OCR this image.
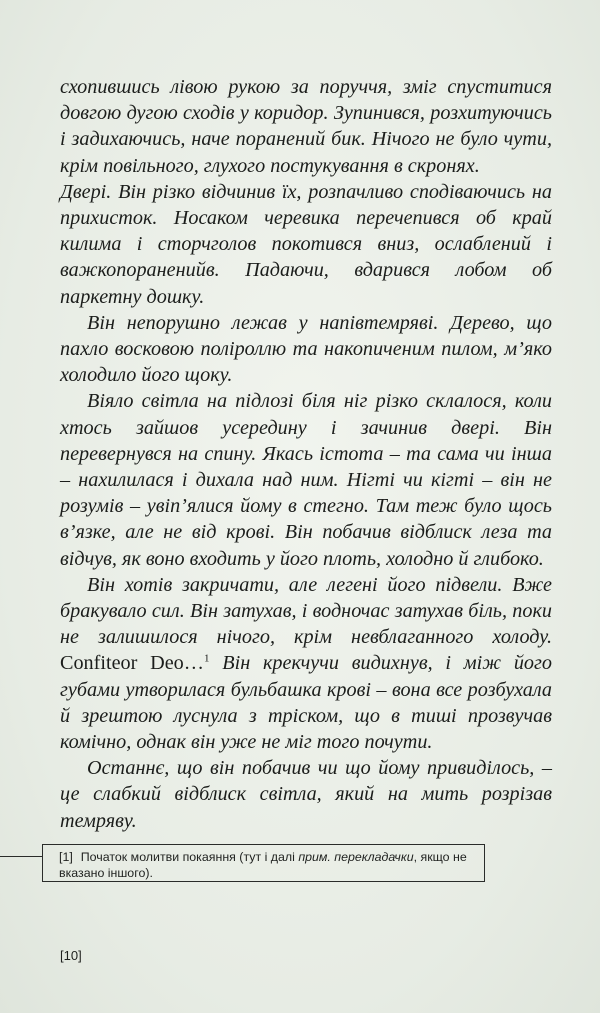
схопившись лівою рукою за поруччя, зміг спуститися довгою дугою сходів у коридор. Зупинився, розхитуючись і задихаючись, наче поранений бик. Нічого не було чути, крім повільного, глухого постукування в скронях.

Двері. Він різко відчинив їх, розпачливо сподіваючись на прихисток. Носаком черевика перечепився об край килима і сторчголов покотився вниз, ослаблений і важкопораненийв. Падаючи, вдарився лобом об паркетну дошку.

Він непорушно лежав у напівтемряві. Дерево, що пахло восковою поліроллю та накопиченим пилом, м’яко холодило його щоку.

Віяло світла на підлозі біля ніг різко склалося, коли хтось зайшов усередину і зачинив двері. Він перевернувся на спину. Якась істота – та сама чи інша – нахилилася і дихала над ним. Нігті чи кігті – він не розумів – увіп’ялися йому в стегно. Там теж було щось в’язке, але не від крові. Він побачив відблиск леза та відчув, як воно входить у його плоть, холодно й глибоко.

Він хотів закричати, але легені його підвели. Вже бракувало сил. Він затухав, і водночас затухав біль, поки не залишилося нічого, крім невблаганного холоду. Confiteor Deo…$^1$ Він крекчучи видихнув, і між його губами утворилася бульбашка крові – вона все розбухала й зрештою луснула з тріском, що в тиші прозвучав комічно, однак він уже не міг того почути.

Останнє, що він побачив чи що йому привиділось, – це слабкий відблиск світла, який на мить розрізав темряву.

[1] Початок молитви покаяння (тут і далі прим. перекладачки, якщо не вказано іншого).
[10]
